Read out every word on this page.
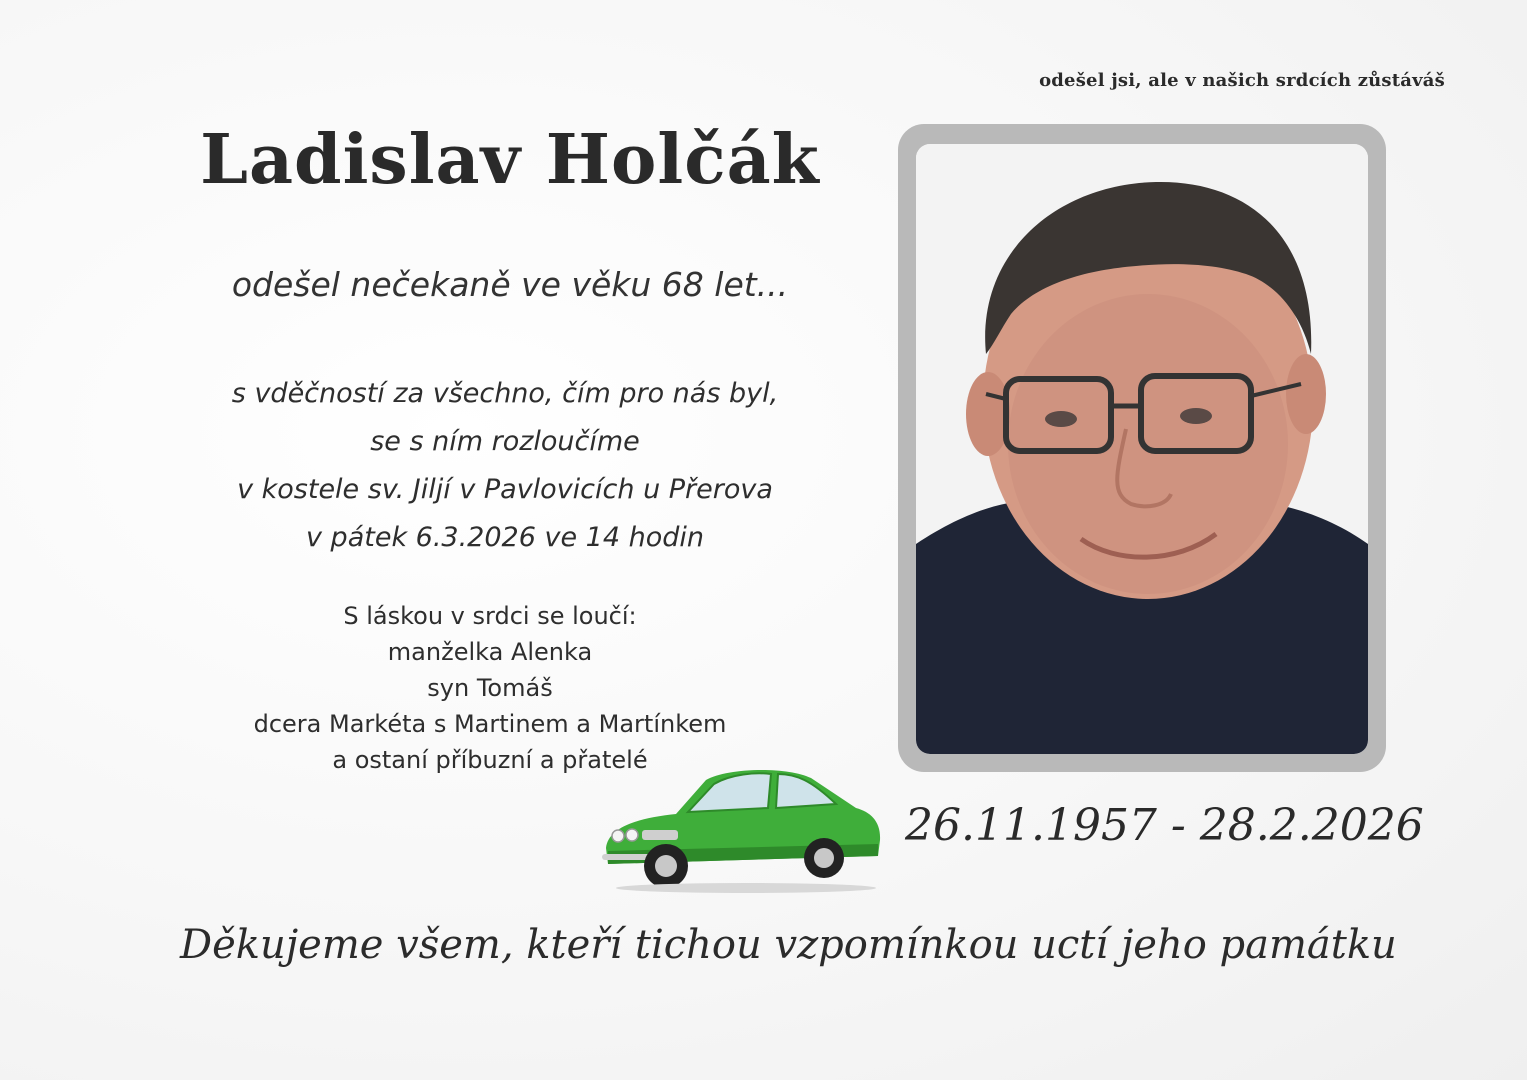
odešel jsi, ale v našich srdcích zůstáváš
Ladislav Holčák
odešel nečekaně ve věku 68 let...
s vděčností za všechno, čím pro nás byl,
se s ním rozloučíme
v kostele sv. Jiljí v Pavlovicích u Přerova
v pátek 6.3.2026 ve 14 hodin
S láskou v srdci se loučí:
manželka Alenka
syn Tomáš
dcera Markéta s Martinem a Martínkem
a ostaní příbuzní a přatelé
26.11.1957 - 28.2.2026
Děkujeme všem, kteří tichou vzpomínkou uctí jeho památku
